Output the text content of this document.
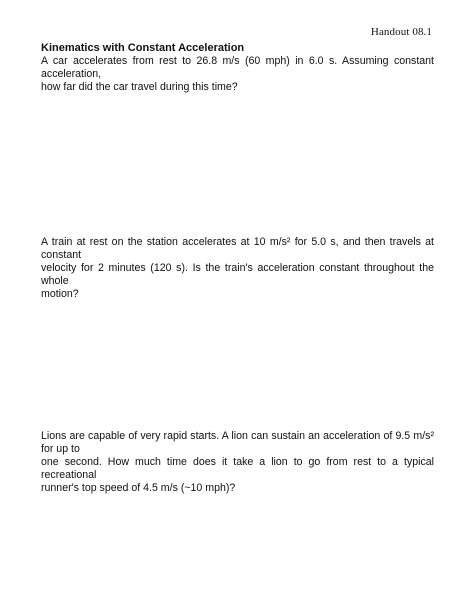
Handout 08.1
Kinematics with Constant Acceleration
A car accelerates from rest to 26.8 m/s (60 mph) in 6.0 s. Assuming constant acceleration,
how far did the car travel during this time?
A train at rest on the station accelerates at 10 m/s² for 5.0 s, and then travels at constant
velocity for 2 minutes (120 s). Is the train's acceleration constant throughout the whole
motion?
Lions are capable of very rapid starts. A lion can sustain an acceleration of 9.5 m/s² for up to
one second. How much time does it take a lion to go from rest to a typical recreational
runner's top speed of 4.5 m/s (~10 mph)?
